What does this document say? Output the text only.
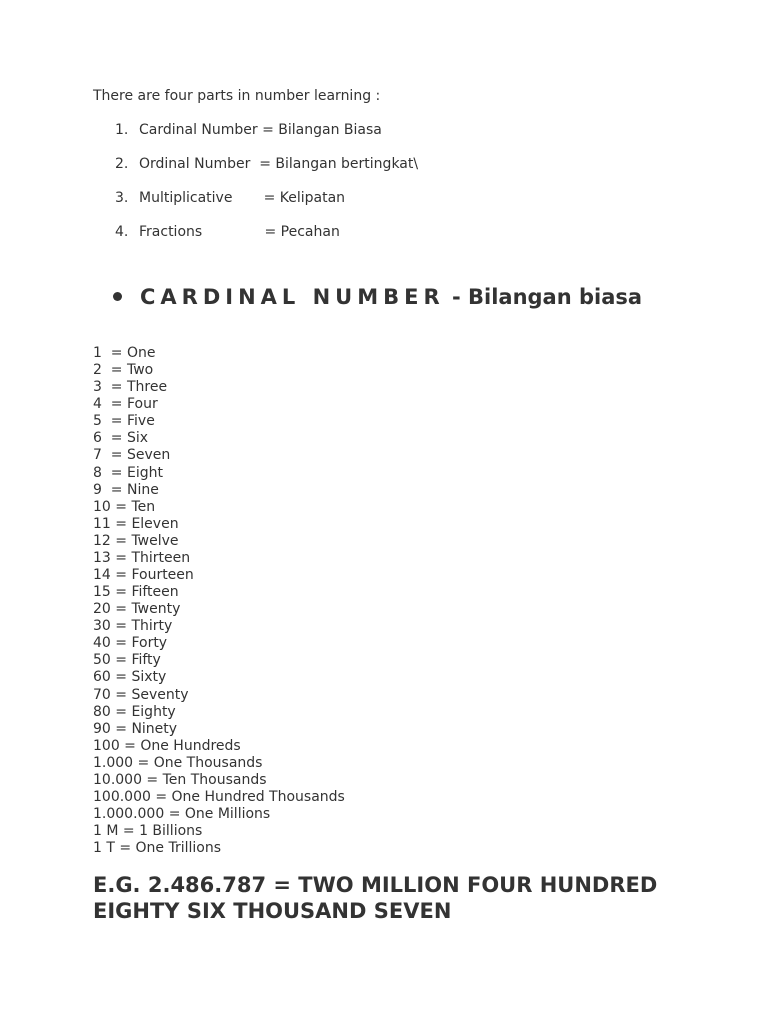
There are four parts in number learning :

1.

Cardinal Number = Bilangan Biasa

2.

Ordinal Number  = Bilangan bertingkat\

3.

Multiplicative       = Kelipatan

4.

Fractions              = Pecahan

CARDINAL NUMBER - Bilangan biasa
1  = One
2  = Two
3  = Three
4  = Four
5  = Five
6  = Six
7  = Seven
8  = Eight
9  = Nine
10 = Ten
11 = Eleven
12 = Twelve
13 = Thirteen
14 = Fourteen
15 = Fifteen
20 = Twenty
30 = Thirty
40 = Forty
50 = Fifty
60 = Sixty
70 = Seventy
80 = Eighty
90 = Ninety
100 = One Hundreds
1.000 = One Thousands
10.000 = Ten Thousands
100.000 = One Hundred Thousands
1.000.000 = One Millions
1 M = 1 Billions
1 T = One Trillions
E.G. 2.486.787 = TWO MILLION FOUR HUNDRED EIGHTY SIX THOUSAND SEVEN
